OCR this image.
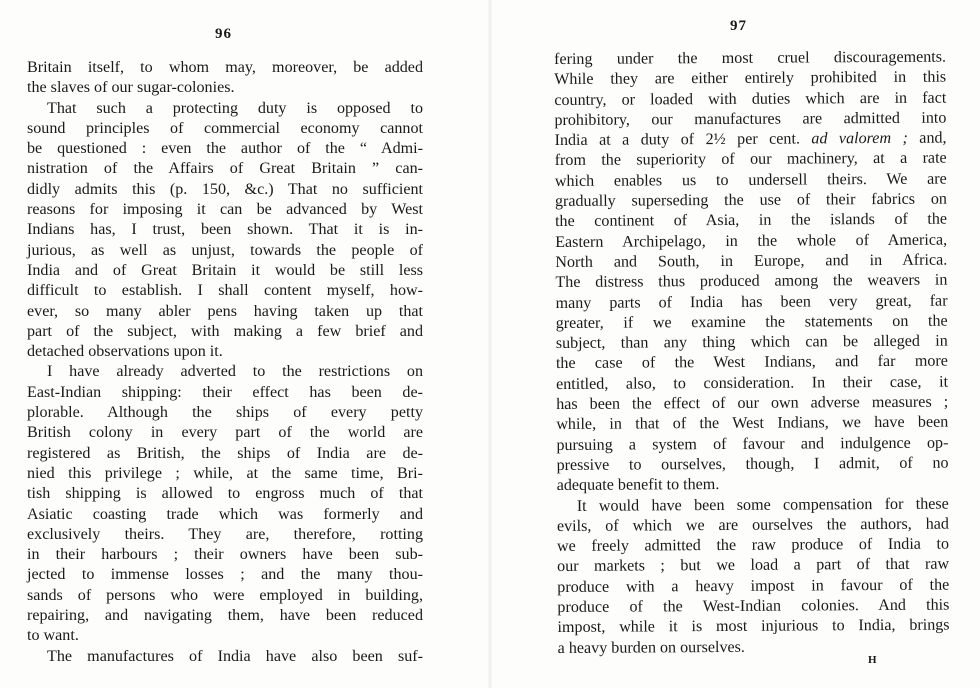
96
Britain itself, to whom may, moreover, be added
the slaves of our sugar-colonies.
That such a protecting duty is opposed to
sound principles of commercial economy cannot
be questioned : even the author of the “ Admi-
nistration of the Affairs of Great Britain ” can-
didly admits this (p. 150, &c.) That no sufficient
reasons for imposing it can be advanced by West
Indians has, I trust, been shown. That it is in-
jurious, as well as unjust, towards the people of
India and of Great Britain it would be still less
difficult to establish. I shall content myself, how-
ever, so many abler pens having taken up that
part of the subject, with making a few brief and
detached observations upon it.
I have already adverted to the restrictions on
East-Indian shipping: their effect has been de-
plorable. Although the ships of every petty
British colony in every part of the world are
registered as British, the ships of India are de-
nied this privilege ; while, at the same time, Bri-
tish shipping is allowed to engross much of that
Asiatic coasting trade which was formerly and
exclusively theirs. They are, therefore, rotting
in their harbours ; their owners have been sub-
jected to immense losses ; and the many thou-
sands of persons who were employed in building,
repairing, and navigating them, have been reduced
to want.
The manufactures of India have also been suf-
97
fering under the most cruel discouragements.
While they are either entirely prohibited in this
country, or loaded with duties which are in fact
prohibitory, our manufactures are admitted into
India at a duty of 2½ per cent. ad valorem ; and,
from the superiority of our machinery, at a rate
which enables us to undersell theirs. We are
gradually superseding the use of their fabrics on
the continent of Asia, in the islands of the
Eastern Archipelago, in the whole of America,
North and South, in Europe, and in Africa.
The distress thus produced among the weavers in
many parts of India has been very great, far
greater, if we examine the statements on the
subject, than any thing which can be alleged in
the case of the West Indians, and far more
entitled, also, to consideration. In their case, it
has been the effect of our own adverse measures ;
while, in that of the West Indians, we have been
pursuing a system of favour and indulgence op-
pressive to ourselves, though, I admit, of no
adequate benefit to them.
It would have been some compensation for these
evils, of which we are ourselves the authors, had
we freely admitted the raw produce of India to
our markets ; but we load a part of that raw
produce with a heavy impost in favour of the
produce of the West-Indian colonies. And this
impost, while it is most injurious to India, brings
a heavy burden on ourselves.
H
